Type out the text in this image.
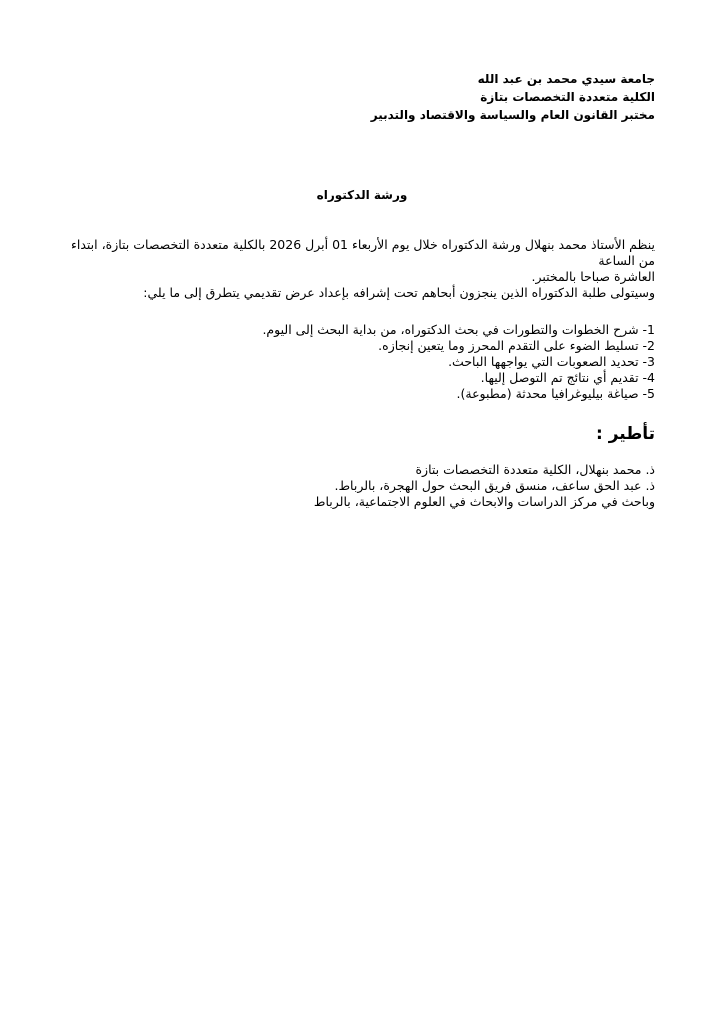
جامعة سيدي محمد بن عبد الله
الكلية متعددة التخصصات بتازة
مختبر القانون العام والسياسة والاقتصاد والتدبير
ورشة الدكتوراه

ينظم الأستاذ محمد بنهلال ورشة الدكتوراه خلال يوم الأربعاء 01 أبرل 2026 بالكلية متعددة التخصصات بتازة، ابتداء من الساعة

العاشرة صباحا بالمختبر.

وسيتولى طلبة الدكتوراه الذين ينجزون أبحاهم تحت إشرافه بإعداد عرض تقديمي يتطرق إلى ما يلي:

1- شرح الخطوات والتطورات في بحث الدكتوراه، من بداية البحث إلى اليوم.
2- تسليط الضوء على التقدم المحرز وما يتعين إنجازه.
3- تحديد الصعوبات التي يواجهها الباحث.
4- تقديم أي نتائج تم التوصل إليها.
5- صياغة بيليوغرافيا محدثة (مطبوعة).
تأطير :
ذ. محمد بنهلال، الكلية متعددة التخصصات بتازة
ذ. عبد الحق ساعف، منسق فريق البحث حول الهجرة، بالرباط.
وباحث في مركز الدراسات والابحاث في العلوم الاجتماعية، بالرباط
